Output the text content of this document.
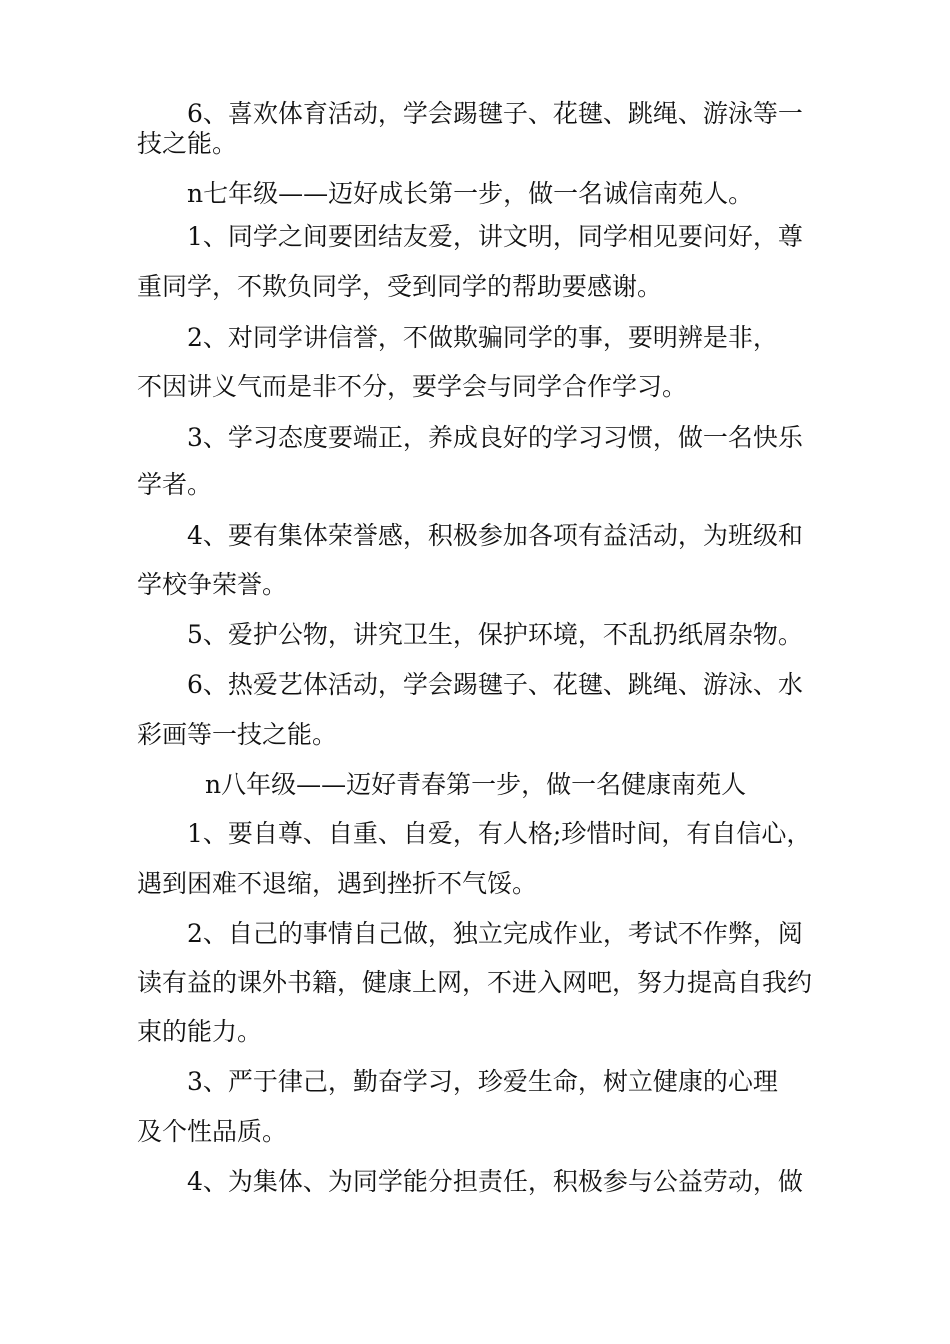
6、喜欢体育活动，学会踢毽子、花毽、跳绳、游泳等一
技之能。
n七年级——迈好成长第一步，做一名诚信南苑人。
1、同学之间要团结友爱，讲文明，同学相见要问好，尊
重同学，不欺负同学，受到同学的帮助要感谢。
2、对同学讲信誉，不做欺骗同学的事，要明辨是非，
不因讲义气而是非不分，要学会与同学合作学习。
3、学习态度要端正，养成良好的学习习惯，做一名快乐
学者。
4、要有集体荣誉感，积极参加各项有益活动，为班级和
学校争荣誉。
5、爱护公物，讲究卫生，保护环境，不乱扔纸屑杂物。
6、热爱艺体活动，学会踢毽子、花毽、跳绳、游泳、水
彩画等一技之能。
n八年级——迈好青春第一步，做一名健康南苑人
1、要自尊、自重、自爱，有人格;珍惜时间，有自信心，
遇到困难不退缩，遇到挫折不气馁。
2、自己的事情自己做，独立完成作业，考试不作弊，阅
读有益的课外书籍，健康上网，不进入网吧，努力提高自我约
束的能力。
3、严于律己，勤奋学习，珍爱生命，树立健康的心理
及个性品质。
4、为集体、为同学能分担责任，积极参与公益劳动，做
